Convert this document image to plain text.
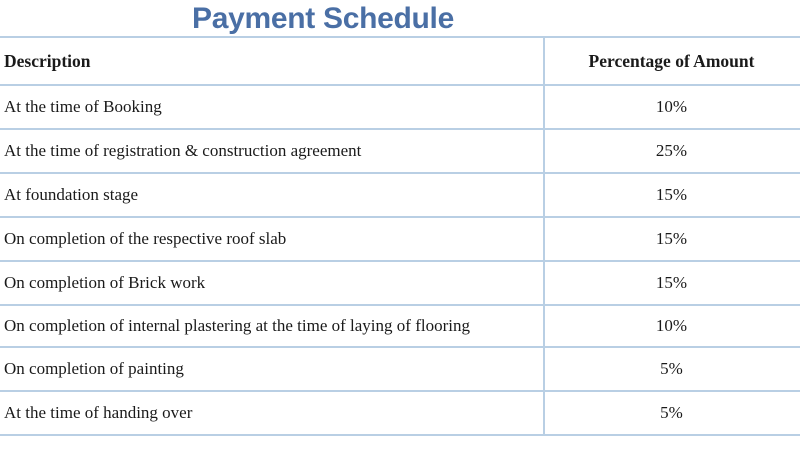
Payment Schedule
Description	Percentage of Amount
At the time of Booking	10%
At the time of registration & construction agreement	25%
At foundation stage	15%
On completion of the respective roof slab	15%
On completion of Brick work	15%
On completion of internal plastering at the time of laying of flooring	10%
On completion of painting	5%
At the time of handing over	5%
